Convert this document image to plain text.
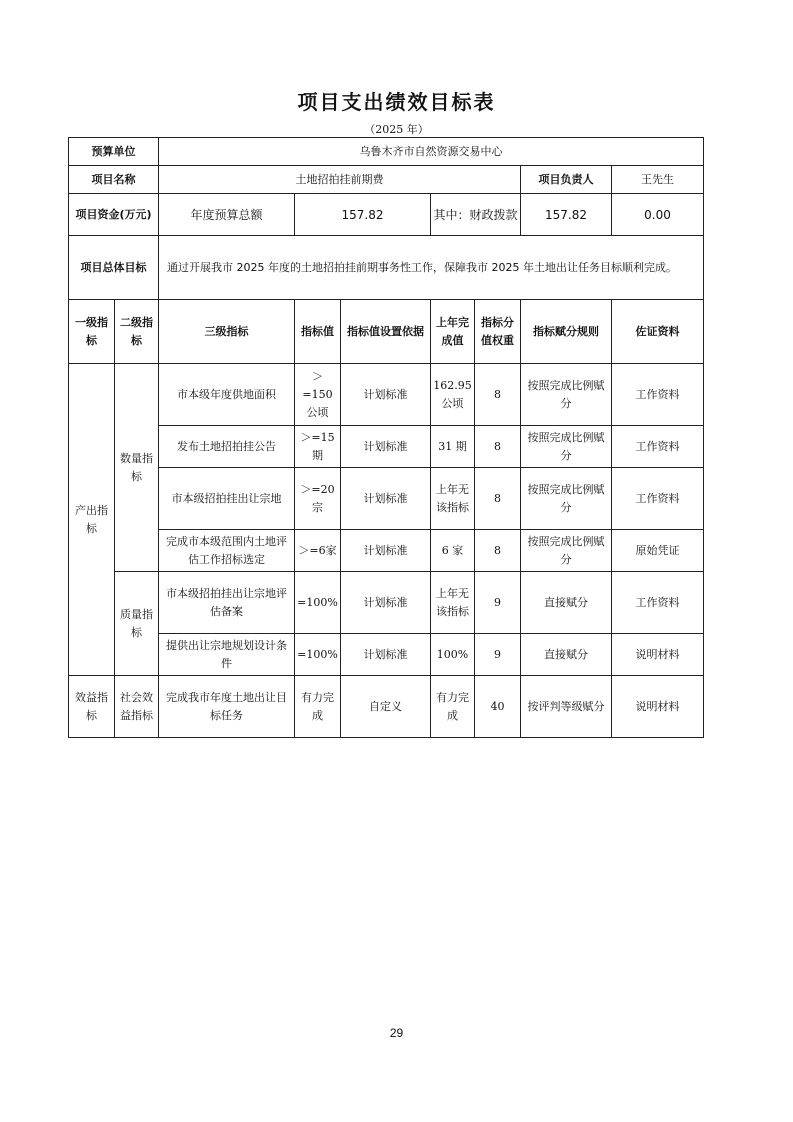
项目支出绩效目标表
（2025 年）
预算单位		乌鲁木齐市自然资源交易中心						
项目名称		土地招拍挂前期费					项目负责人	王先生
项目资金(万元)		年度预算总额	157.82		其中：财政拨款		157.82	0.00
项目总体目标		通过开展我市 2025 年度的土地招拍挂前期事务性工作，保障我市 2025 年土地出让任务目标顺利完成。						
一级指标	二级指标	三级指标	指标值	指标值设置依据	上年完成值	指标分值权重	指标赋分规则	佐证资料
产出指标	数量指标	市本级年度供地面积	＞=150公顷	计划标准	162.95公顷	8	按照完成比例赋分	工作资料
		发布土地招拍挂公告	＞=15期	计划标准	31 期	8	按照完成比例赋分	工作资料
		市本级招拍挂出让宗地	＞=20宗	计划标准	上年无该指标	8	按照完成比例赋分	工作资料
		完成市本级范围内土地评估工作招标选定	＞=6家	计划标准	6 家	8	按照完成比例赋分	原始凭证
	质量指标	市本级招拍挂出让宗地评估备案	=100%	计划标准	上年无该指标	9	直接赋分	工作资料
		提供出让宗地规划设计条件	=100%	计划标准	100%	9	直接赋分	说明材料
效益指标	社会效益指标	完成我市年度土地出让目标任务	有力完成	自定义	有力完成	40	按评判等级赋分	说明材料
29
